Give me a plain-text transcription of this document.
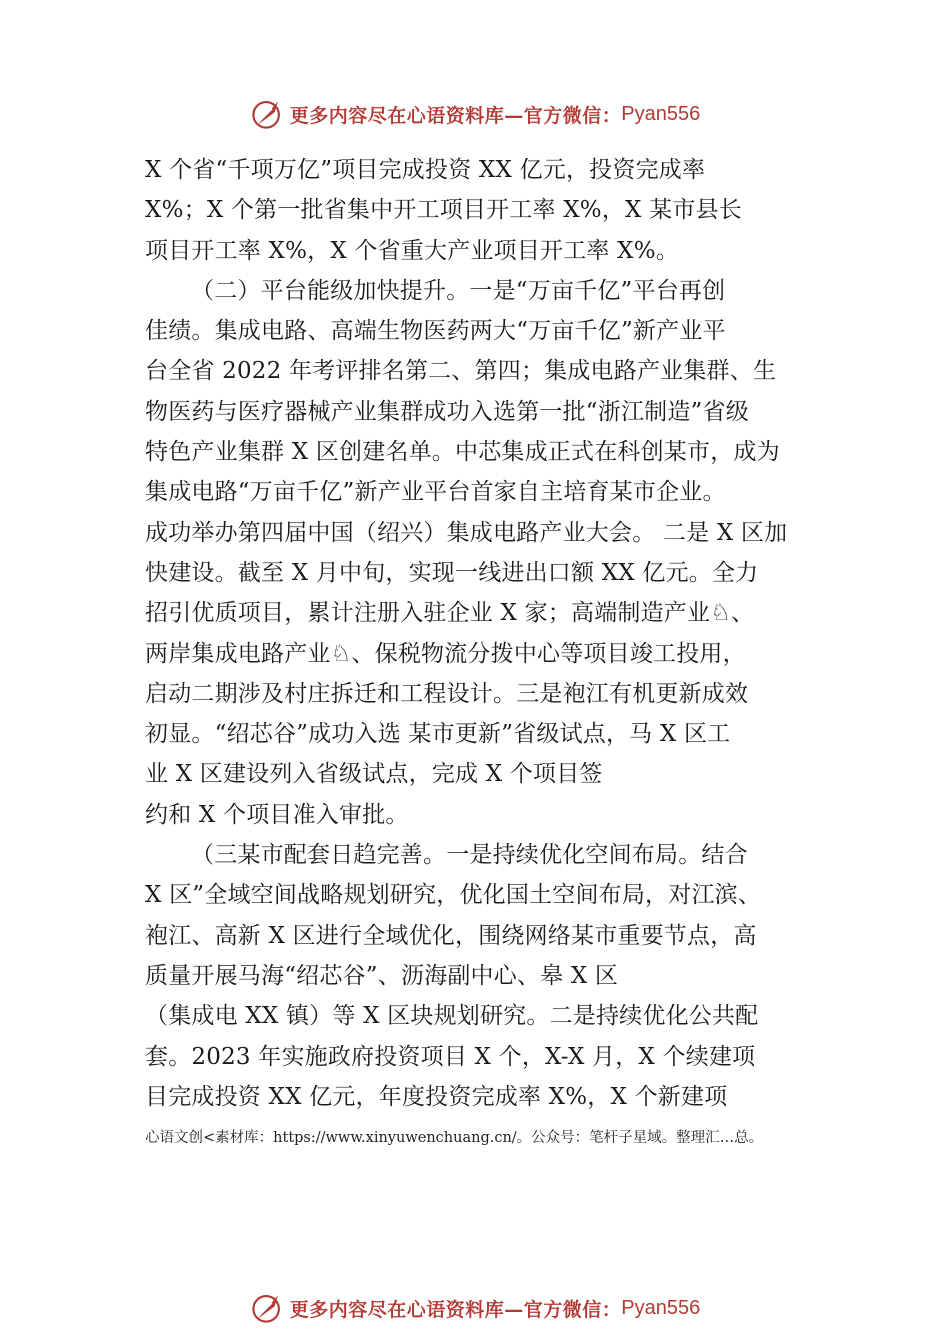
更多内容尽在心语资料库—官方微信： Pyan556
X 个省“千项万亿”项目完成投资 XX 亿元，投资完成率
X%；X 个第一批省集中开工项目开工率 X%，X 某市县长
项目开工率 X%，X 个省重大产业项目开工率 X%。
（二）平台能级加快提升。一是“万亩千亿”平台再创
佳绩。集成电路、高端生物医药两大“万亩千亿”新产业平
台全省 2022 年考评排名第二、第四；集成电路产业集群、生
物医药与医疗器械产业集群成功入选第一批“浙江制造”省级
特色产业集群 X 区创建名单。中芯集成正式在科创某市，成为
集成电路“万亩千亿”新产业平台首家自主培育某市企业。
成功举办第四届中国（绍兴）集成电路产业大会。 二是 X 区加
快建设。截至 X 月中旬，实现一线进出口额 XX 亿元。全力
招引优质项目，累计注册入驻企业 X 家；高端制造产业♘、
两岸集成电路产业♘、保税物流分拨中心等项目竣工投用，
启动二期涉及村庄拆迁和工程设计。三是袍江有机更新成效
初显。“绍芯谷”成功入选 某市更新”省级试点，马 X 区工
业 X 区建设列入省级试点，完成 X 个项目签
约和 X 个项目准入审批。
（三某市配套日趋完善。一是持续优化空间布局。结合
X 区”全域空间战略规划研究，优化国土空间布局，对江滨、
袍江、高新 X 区进行全域优化，围绕网络某市重要节点，高
质量开展马海“绍芯谷”、沥海副中心、皋 X 区
（集成电 XX 镇）等 X 区块规划研究。二是持续优化公共配
套。2023 年实施政府投资项目 X 个，X-X 月，X 个续建项
目完成投资 XX 亿元，年度投资完成率 X%，X 个新建项
心语文创<素材库：https://www.xinyuwenchuang.cn/。公众号：笔杆子星域。整理汇…总。
更多内容尽在心语资料库—官方微信： Pyan556
